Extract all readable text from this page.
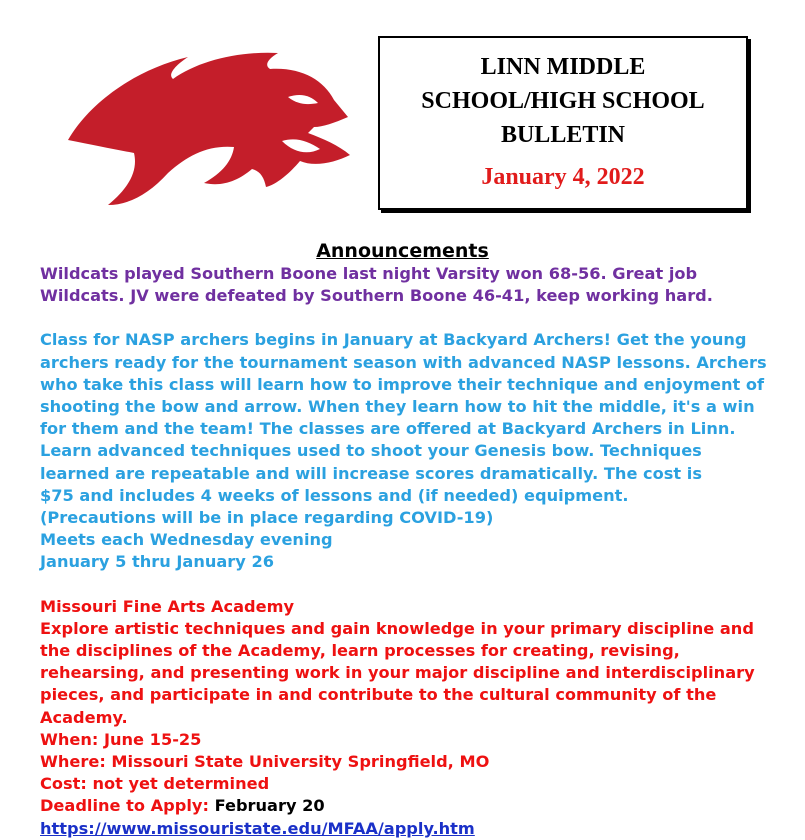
LINN MIDDLE
SCHOOL/HIGH SCHOOL
BULLETIN
January 4, 2022
Announcements

Wildcats played Southern Boone last night Varsity won 68-56. Great job

Wildcats. JV were defeated by Southern Boone 46-41, keep working hard.

Class for NASP archers begins in January at Backyard Archers! Get the young

archers ready for the tournament season with advanced NASP lessons. Archers

who take this class will learn how to improve their technique and enjoyment of

shooting the bow and arrow. When they learn how to hit the middle, it's a win

for them and the team! The classes are offered at Backyard Archers in Linn.

Learn advanced techniques used to shoot your Genesis bow. Techniques

learned are repeatable and will increase scores dramatically. The cost is

$75 and includes 4 weeks of lessons and (if needed) equipment.

(Precautions will be in place regarding COVID-19)

Meets each Wednesday evening

January 5 thru January 26

Missouri Fine Arts Academy

Explore artistic techniques and gain knowledge in your primary discipline and

the disciplines of the Academy, learn processes for creating, revising,

rehearsing, and presenting work in your major discipline and interdisciplinary

pieces, and participate in and contribute to the cultural community of the

Academy.

When: June 15-25

Where: Missouri State University Springfield, MO

Cost: not yet determined

Deadline to Apply: February 20

https://www.missouristate.edu/MFAA/apply.htm
